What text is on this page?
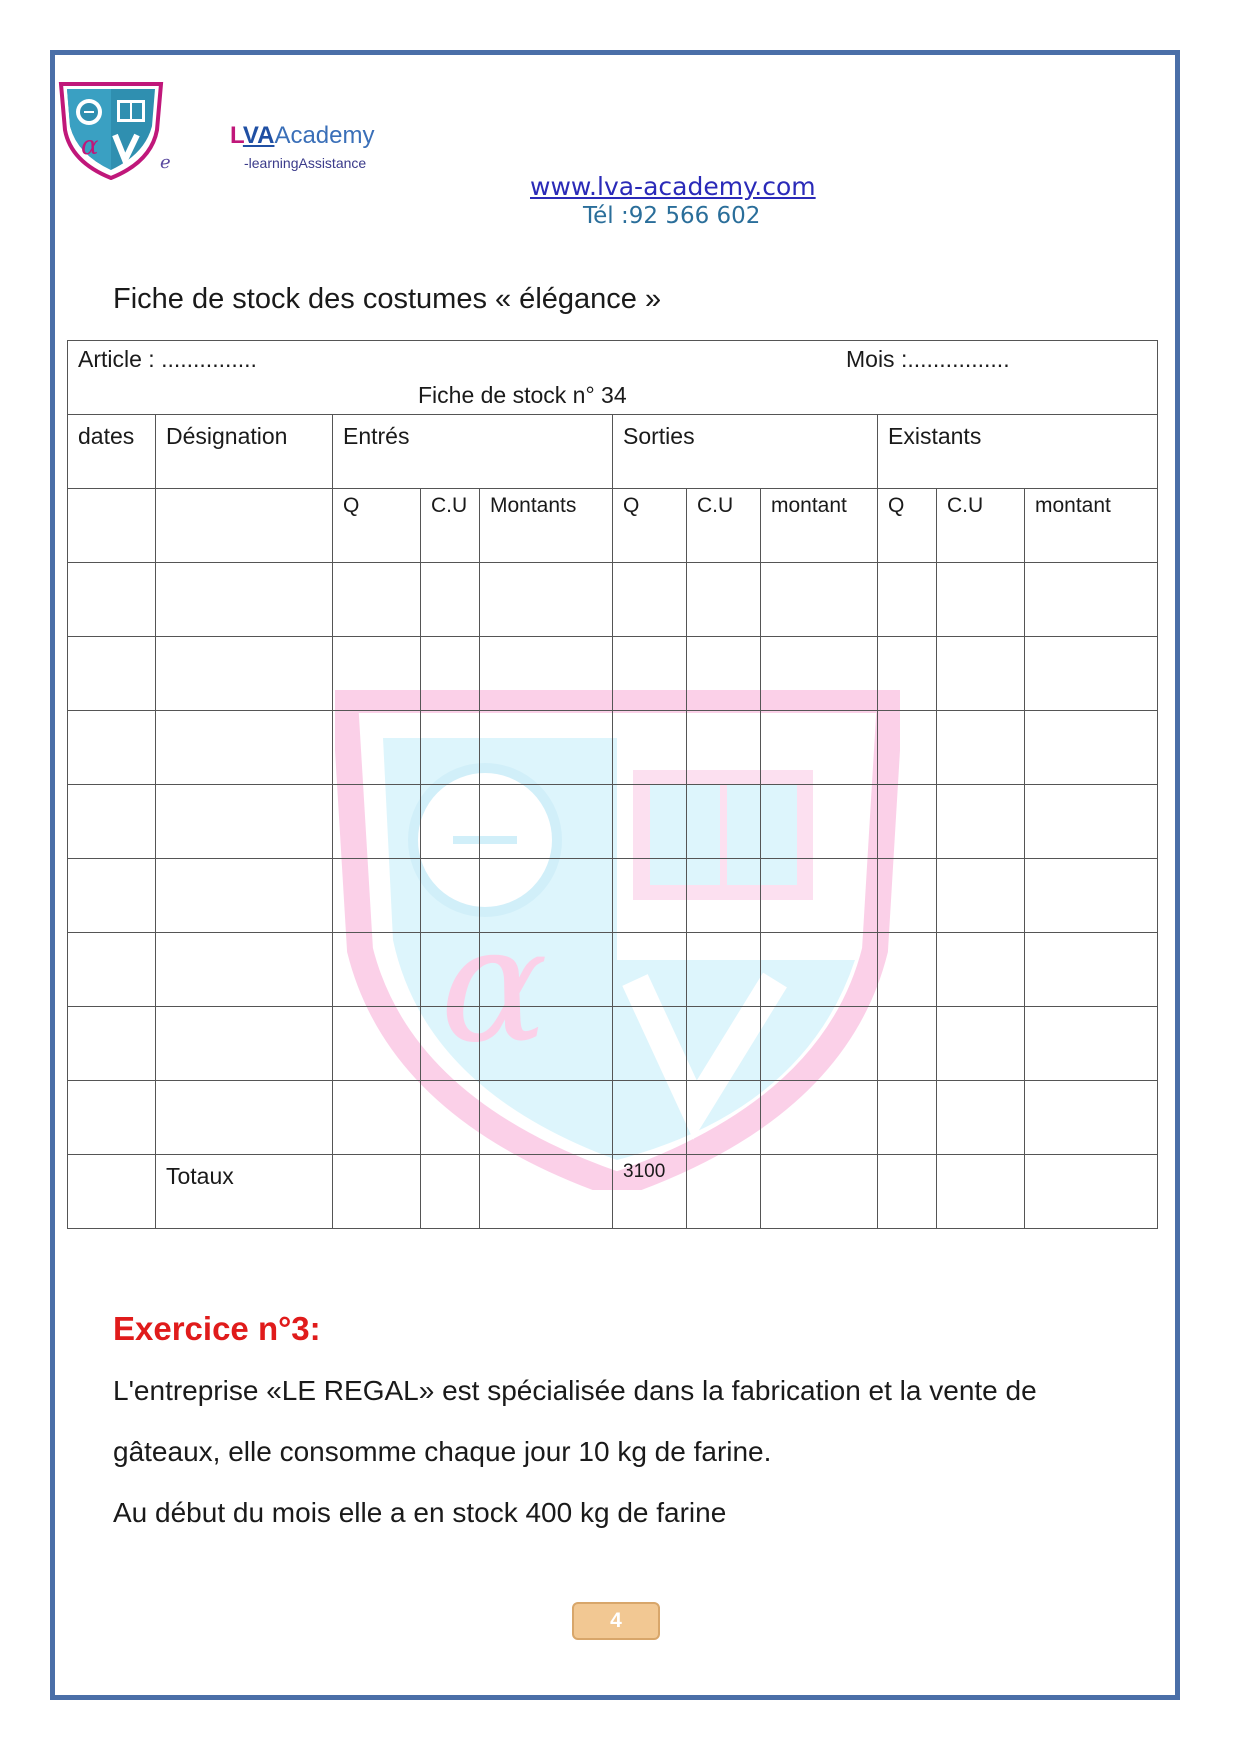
α
e
LVAAcademy
-learningAssistance
www.lva-academy.com
Tél :92 566 602
Fiche de stock des costumes « élégance »
α
Article : ............... Mois :................
Fiche de stock n° 34										

dates	Désignation	Entrés			Sorties			Existants		

		Q	C.U	Montants	Q	C.U	montant	Q	C.U	montant

	Totaux				3100					

Exercice n°3:
L'entreprise «LE REGAL» est spécialisée dans la fabrication et la vente de
gâteaux, elle consomme chaque jour 10 kg de farine.
Au début du mois elle a en stock 400 kg de farine
4
